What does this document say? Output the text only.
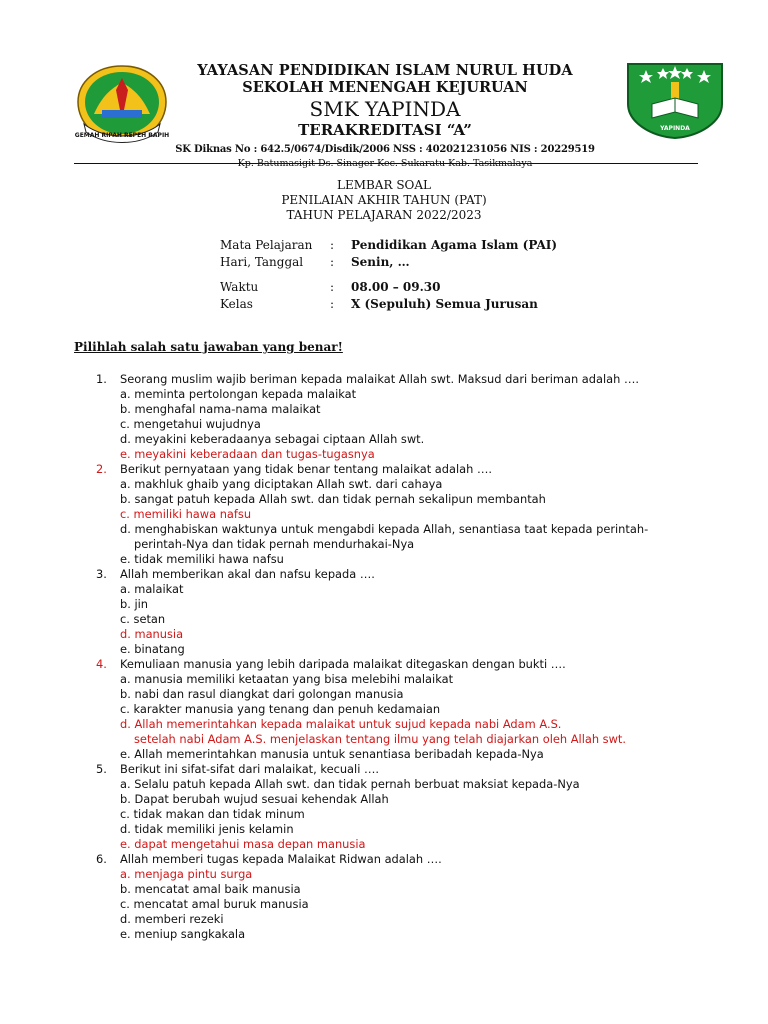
GEMAH RIPAH REPEH RAPIH
YAPINDA
YAYASAN PENDIDIKAN ISLAM NURUL HUDA
SEKOLAH MENENGAH KEJURUAN
SMK YAPINDA
TERAKREDITASI “A”
SK Diknas No : 642.5/0674/Disdik/2006 NSS : 402021231056 NIS : 20229519
Kp. Batumasigit Ds. Sinager Kec. Sukaratu Kab. Tasikmalaya
LEMBAR SOAL
PENILAIAN AKHIR TAHUN (PAT)
TAHUN PELAJARAN 2022/2023
Mata Pelajaran	: Pendidikan Agama Islam (PAI)
Hari, Tanggal	: Senin, …
Waktu	: 08.00 – 09.30
Kelas	: X (Sepuluh) Semua Jurusan
Pilihlah salah satu jawaban yang benar!
1. Seorang muslim wajib beriman kepada malaikat Allah swt. Maksud dari beriman adalah ….
a. meminta pertolongan kepada malaikat
b. menghafal nama-nama malaikat
c. mengetahui wujudnya
d. meyakini keberadaanya sebagai ciptaan Allah swt.
e. meyakini keberadaan dan tugas-tugasnya
2. Berikut pernyataan yang tidak benar tentang malaikat adalah ….
a. makhluk ghaib yang diciptakan Allah swt. dari cahaya
b. sangat patuh kepada Allah swt. dan tidak pernah sekalipun membantah
c. memiliki hawa nafsu
d. menghabiskan waktunya untuk mengabdi kepada Allah, senantiasa taat kepada perintah-
perintah-Nya dan tidak pernah mendurhakai-Nya
e. tidak memiliki hawa nafsu
3. Allah memberikan akal dan nafsu kepada ….
a. malaikat
b. jin
c. setan
d. manusia
e. binatang
4. Kemuliaan manusia yang lebih daripada malaikat ditegaskan dengan bukti ….
a. manusia memiliki ketaatan yang bisa melebihi malaikat
b. nabi dan rasul diangkat dari golongan manusia
c. karakter manusia yang tenang dan penuh kedamaian
d. Allah memerintahkan kepada malaikat untuk sujud kepada nabi Adam A.S.
setelah nabi Adam A.S. menjelaskan tentang ilmu yang telah diajarkan oleh Allah swt.
e. Allah memerintahkan manusia untuk senantiasa beribadah kepada-Nya
5. Berikut ini sifat-sifat dari malaikat, kecuali ….
a. Selalu patuh kepada Allah swt. dan tidak pernah berbuat maksiat kepada-Nya
b. Dapat berubah wujud sesuai kehendak Allah
c. tidak makan dan tidak minum
d. tidak memiliki jenis kelamin
e. dapat mengetahui masa depan manusia
6. Allah memberi tugas kepada Malaikat Ridwan adalah ….
a. menjaga pintu surga
b. mencatat amal baik manusia
c. mencatat amal buruk manusia
d. memberi rezeki
e. meniup sangkakala
